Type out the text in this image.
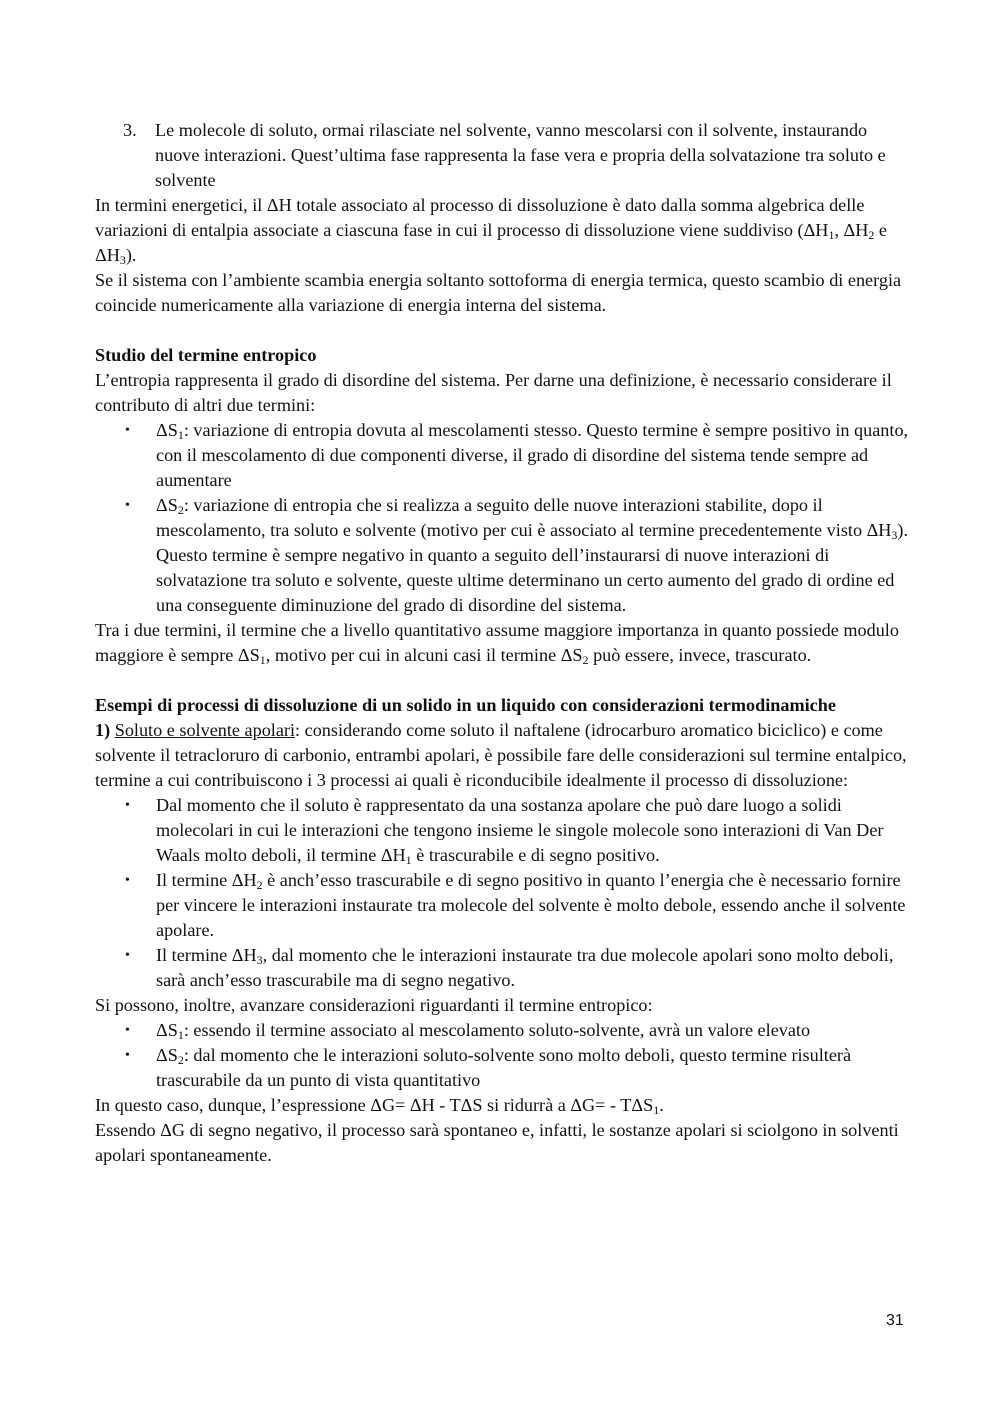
3.	Le molecole di soluto, ormai rilasciate nel solvente, vanno mescolarsi con il solvente, instaurando nuove interazioni. Quest’ultima fase rappresenta la fase vera e propria della solvatazione tra soluto e solvente

In termini energetici, il ΔH totale associato al processo di dissoluzione è dato dalla somma algebrica delle variazioni di entalpia associate a ciascuna fase in cui il processo di dissoluzione viene suddiviso ($\Delta H_1$, $\Delta H_2$ e $\Delta H_3$).

Se il sistema con l’ambiente scambia energia soltanto sottoforma di energia termica, questo scambio di energia coincide numericamente alla variazione di energia interna del sistema.

Studio del termine entropico

L’entropia rappresenta il grado di disordine del sistema. Per darne una definizione, è necessario considerare il contributo di altri due termini:

•	$\Delta S_1$: variazione di entropia dovuta al mescolamenti stesso. Questo termine è sempre positivo in quanto, con il mescolamento di due componenti diverse, il grado di disordine del sistema tende sempre ad aumentare
•	$\Delta S_2$: variazione di entropia che si realizza a seguito delle nuove interazioni stabilite, dopo il mescolamento, tra soluto e solvente (motivo per cui è associato al termine precedentemente visto $\Delta H_3$). Questo termine è sempre negativo in quanto a seguito dell’instaurarsi di nuove interazioni di solvatazione tra soluto e solvente, queste ultime determinano un certo aumento del grado di ordine ed una conseguente diminuzione del grado di disordine del sistema.

Tra i due termini, il termine che a livello quantitativo assume maggiore importanza in quanto possiede modulo maggiore è sempre $\Delta S_1$, motivo per cui in alcuni casi il termine $\Delta S_2$ può essere, invece, trascurato.

Esempi di processi di dissoluzione di un solido in un liquido con considerazioni termodinamiche

1) Soluto e solvente apolari: considerando come soluto il naftalene (idrocarburo aromatico biciclico) e come solvente il tetracloruro di carbonio, entrambi apolari, è possibile fare delle considerazioni sul termine entalpico, termine a cui contribuiscono i 3 processi ai quali è riconducibile idealmente il processo di dissoluzione:

•	Dal momento che il soluto è rappresentato da una sostanza apolare che può dare luogo a solidi molecolari in cui le interazioni che tengono insieme le singole molecole sono interazioni di Van Der Waals molto deboli, il termine $\Delta H_1$ è trascurabile e di segno positivo.
•	Il termine $\Delta H_2$ è anch’esso trascurabile e di segno positivo in quanto l’energia che è necessario fornire per vincere le interazioni instaurate tra molecole del solvente è molto debole, essendo anche il solvente apolare.
•	Il termine $\Delta H_3$, dal momento che le interazioni instaurate tra due molecole apolari sono molto deboli, sarà anch’esso trascurabile ma di segno negativo.

Si possono, inoltre, avanzare considerazioni riguardanti il termine entropico:

•	$\Delta S_1$: essendo il termine associato al mescolamento soluto-solvente, avrà un valore elevato
•	$\Delta S_2$: dal momento che le interazioni soluto-solvente sono molto deboli, questo termine risulterà trascurabile da un punto di vista quantitativo

In questo caso, dunque, l’espressione ΔG= ΔH - TΔS si ridurrà a $\Delta G= - T\Delta S_1$.

Essendo ΔG di segno negativo, il processo sarà spontaneo e, infatti, le sostanze apolari si sciolgono in solventi apolari spontaneamente.

31
